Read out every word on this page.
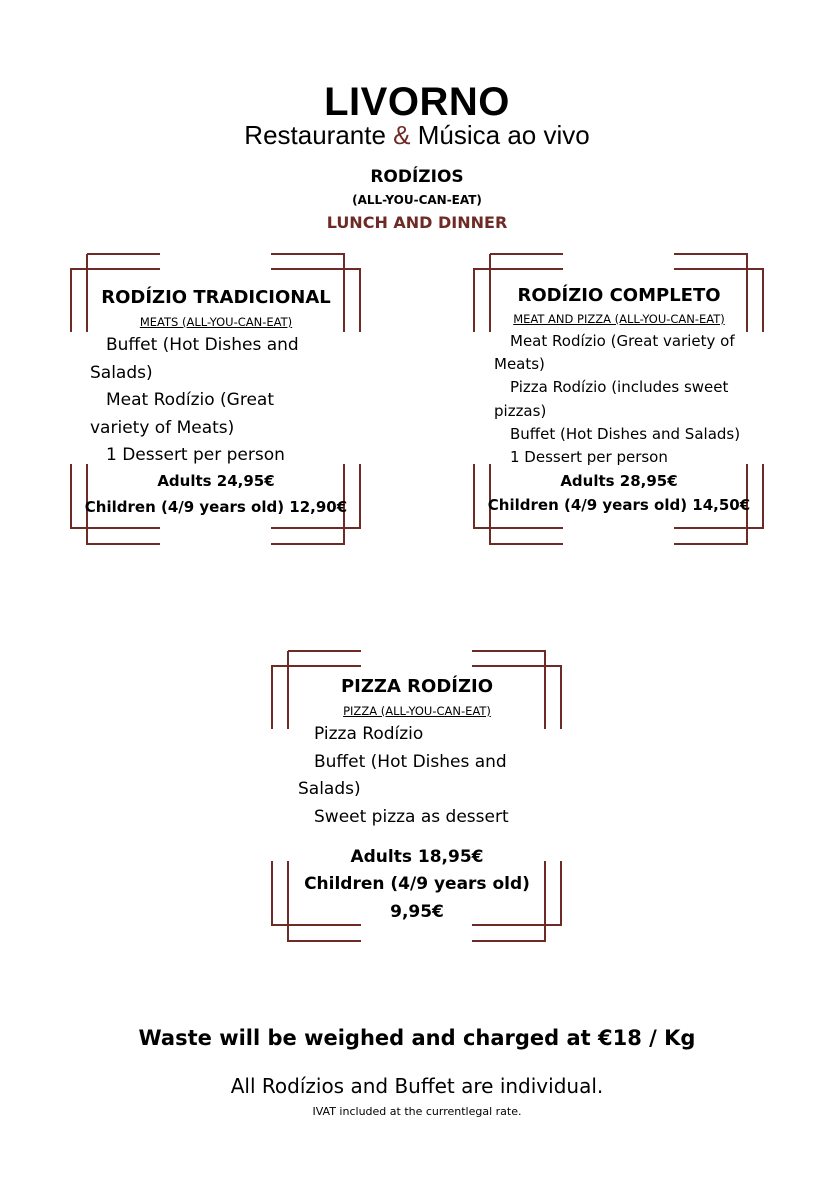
LIVORNO
Restaurante & Música ao vivo
RODÍZIOS
(ALL-YOU-CAN-EAT)
LUNCH AND DINNER
RODÍZIO TRADICIONAL
MEATS (ALL-YOU-CAN-EAT)
Buffet (Hot Dishes and Salads)
Meat Rodízio (Great variety of Meats)
1 Dessert per person
Adults 24,95€
Children (4/9 years old) 12,90€
RODÍZIO COMPLETO
MEAT AND PIZZA (ALL-YOU-CAN-EAT)
Meat Rodízio (Great variety of Meats)
Pizza Rodízio (includes sweet pizzas)
Buffet (Hot Dishes and Salads)
1 Dessert per person
Adults 28,95€
Children (4/9 years old) 14,50€
PIZZA RODÍZIO
PIZZA (ALL-YOU-CAN-EAT)
Pizza Rodízio
Buffet (Hot Dishes and Salads)
Sweet pizza as dessert
Adults 18,95€
Children (4/9 years old) 9,95€
Waste will be weighed and charged at €18 / Kg
All Rodízios and Buffet are individual.
IVAT included at the currentlegal rate.
